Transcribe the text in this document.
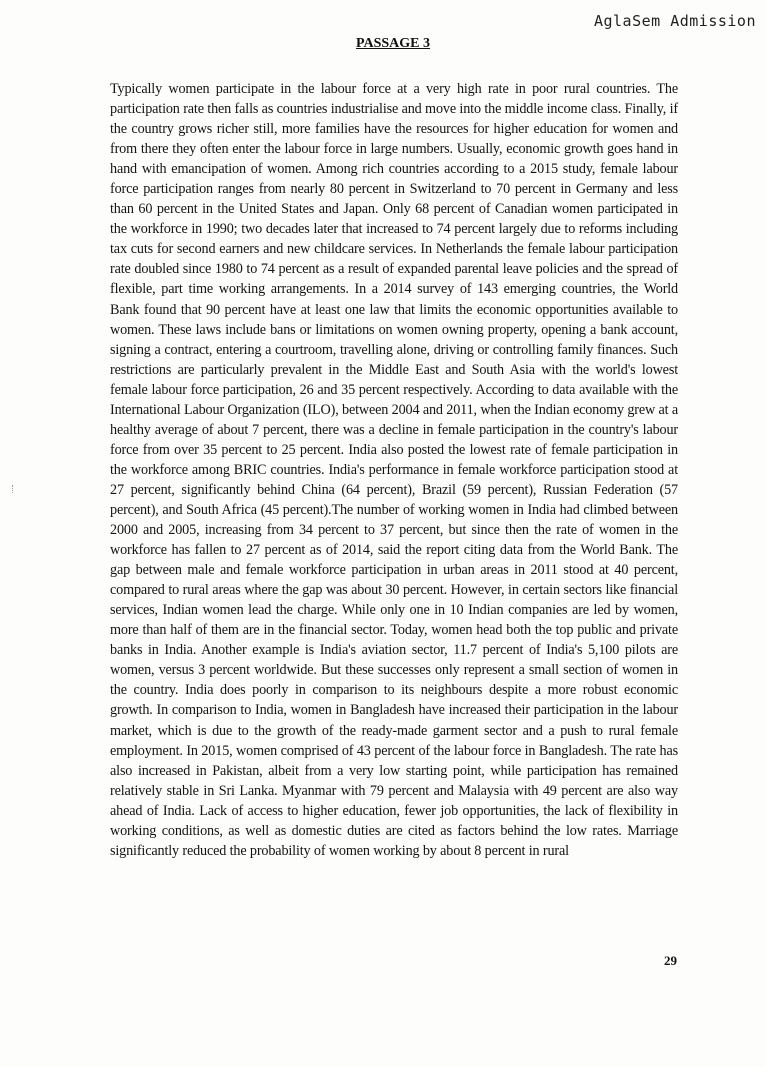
AglaSem Admission
PASSAGE 3

Typically women participate in the labour force at a very high rate in poor rural countries. The participation rate then falls as countries industrialise and move into the middle income class. Finally, if the country grows richer still, more families have the resources for higher education for women and from there they often enter the labour force in large numbers. Usually, economic growth goes hand in hand with emancipation of women. Among rich countries according to a 2015 study, female labour force participation ranges from nearly 80 percent in Switzerland to 70 percent in Germany and less than 60 percent in the United States and Japan. Only 68 percent of Canadian women participated in the workforce in 1990; two decades later that increased to 74 percent largely due to reforms including tax cuts for second earners and new childcare services. In Netherlands the female labour participation rate doubled since 1980 to 74 percent as a result of expanded parental leave policies and the spread of flexible, part time working arrangements. In a 2014 survey of 143 emerging countries, the World Bank found that 90 percent have at least one law that limits the economic opportunities available to women. These laws include bans or limitations on women owning property, opening a bank account, signing a contract, entering a courtroom, travelling alone, driving or controlling family finances. Such restrictions are particularly prevalent in the Middle East and South Asia with the world's lowest female labour force participation, 26 and 35 percent respectively. According to data available with the International Labour Organization (ILO), between 2004 and 2011, when the Indian economy grew at a healthy average of about 7 percent, there was a decline in female participation in the country's labour force from over 35 percent to 25 percent. India also posted the lowest rate of female participation in the workforce among BRIC countries. India's performance in female workforce participation stood at 27 percent, significantly behind China (64 percent), Brazil (59 percent), Russian Federation (57 percent), and South Africa (45 percent).The number of working women in India had climbed between 2000 and 2005, increasing from 34 percent to 37 percent, but since then the rate of women in the workforce has fallen to 27 percent as of 2014, said the report citing data from the World Bank. The gap between male and female workforce participation in urban areas in 2011 stood at 40 percent, compared to rural areas where the gap was about 30 percent. However, in certain sectors like financial services, Indian women lead the charge. While only one in 10 Indian companies are led by women, more than half of them are in the financial sector. Today, women head both the top public and private banks in India. Another example is India's aviation sector, 11.7 percent of India's 5,100 pilots are women, versus 3 percent worldwide. But these successes only represent a small section of women in the country. India does poorly in comparison to its neighbours despite a more robust economic growth. In comparison to India, women in Bangladesh have increased their participation in the labour market, which is due to the growth of the ready-made garment sector and a push to rural female employment. In 2015, women comprised of 43 percent of the labour force in Bangladesh. The rate has also increased in Pakistan, albeit from a very low starting point, while participation has remained relatively stable in Sri Lanka. Myanmar with 79 percent and Malaysia with 49 percent are also way ahead of India. Lack of access to higher education, fewer job opportunities, the lack of flexibility in working conditions, as well as domestic duties are cited as factors behind the low rates. Marriage significantly reduced the probability of women working by about 8 percent in rural

29
